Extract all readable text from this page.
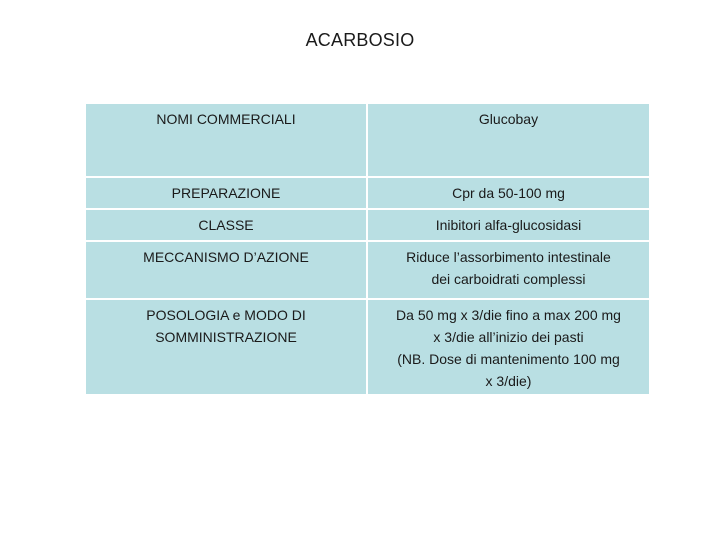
ACARBOSIO
NOMI COMMERCIALI	Glucobay
PREPARAZIONE	Cpr da 50-100 mg
CLASSE	Inibitori alfa-glucosidasi
MECCANISMO D’AZIONE	Riduce l’assorbimento intestinale
dei carboidrati complessi
POSOLOGIA e MODO DI
SOMMINISTRAZIONE	Da 50 mg x 3/die fino a max 200 mg
x 3/die all’inizio dei pasti
(NB. Dose di mantenimento 100 mg
x 3/die)
